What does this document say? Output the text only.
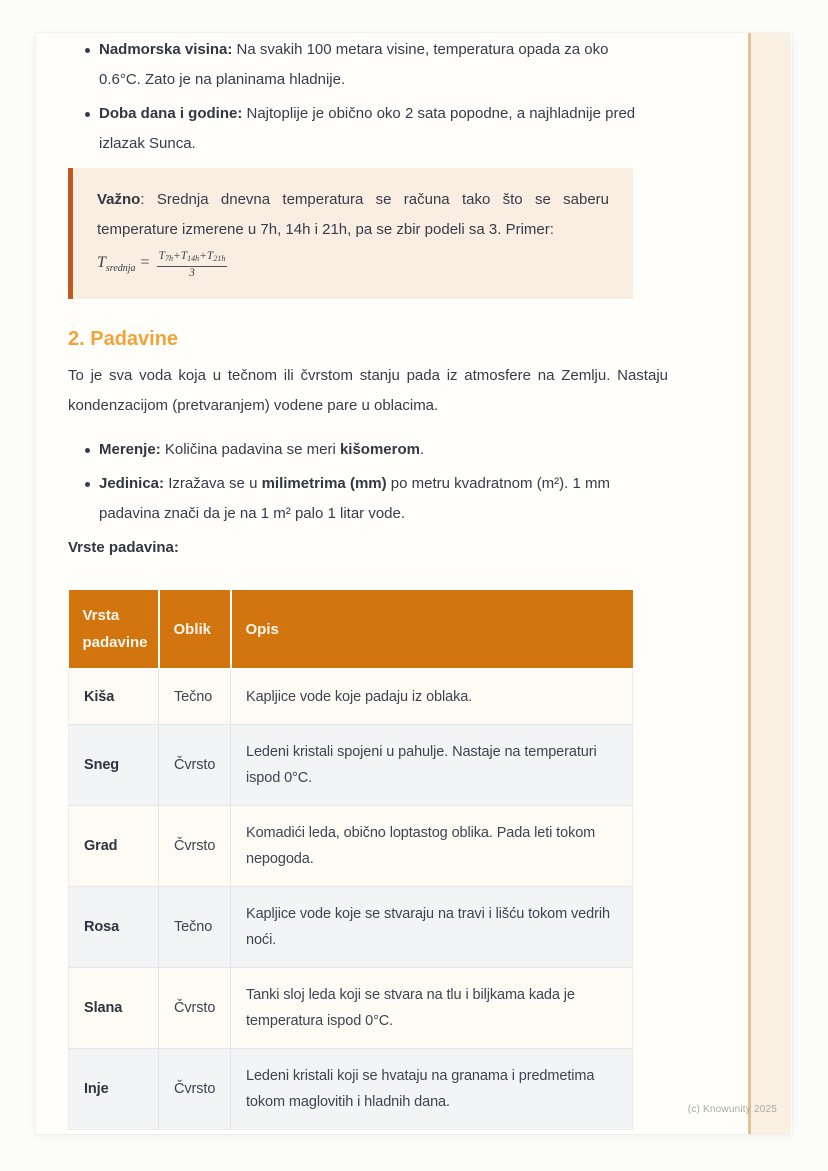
Nadmorska visina: Na svakih 100 metara visine, temperatura opada za oko 0.6°C. Zato je na planinama hladnije.
Doba dana i godine: Najtoplije je obično oko 2 sata popodne, a najhladnije pred izlazak Sunca.

Važno: Srednja dnevna temperatura se računa tako što se saberu temperature izmerene u 7h, 14h i 21h, pa se zbir podeli sa 3. Primer:

$T_{srednja} = \frac{T_{7h}+T_{14h}+T_{21h}}{3}$
2. Padavine

To je sva voda koja u tečnom ili čvrstom stanju pada iz atmosfere na Zemlju. Nastaju kondenzacijom (pretvaranjem) vodene pare u oblacima.

Merenje: Količina padavina se meri kišomerom.
Jedinica: Izražava se u milimetrima (mm) po metru kvadratnom (m²). 1 mm padavina znači da je na 1 m² palo 1 litar vode.

Vrste padavina:

Vrsta padavine	Oblik	Opis
Kiša	Tečno	Kapljice vode koje padaju iz oblaka.
Sneg	Čvrsto	Ledeni kristali spojeni u pahulje. Nastaje na temperaturi ispod 0°C.
Grad	Čvrsto	Komadići leda, obično loptastog oblika. Pada leti tokom nepogoda.
Rosa	Tečno	Kapljice vode koje se stvaraju na travi i lišću tokom vedrih noći.
Slana	Čvrsto	Tanki sloj leda koji se stvara na tlu i biljkama kada je temperatura ispod 0°C.
Inje	Čvrsto	Ledeni kristali koji se hvataju na granama i predmetima tokom maglovitih i hladnih dana.	(c) Knowunity 2025
